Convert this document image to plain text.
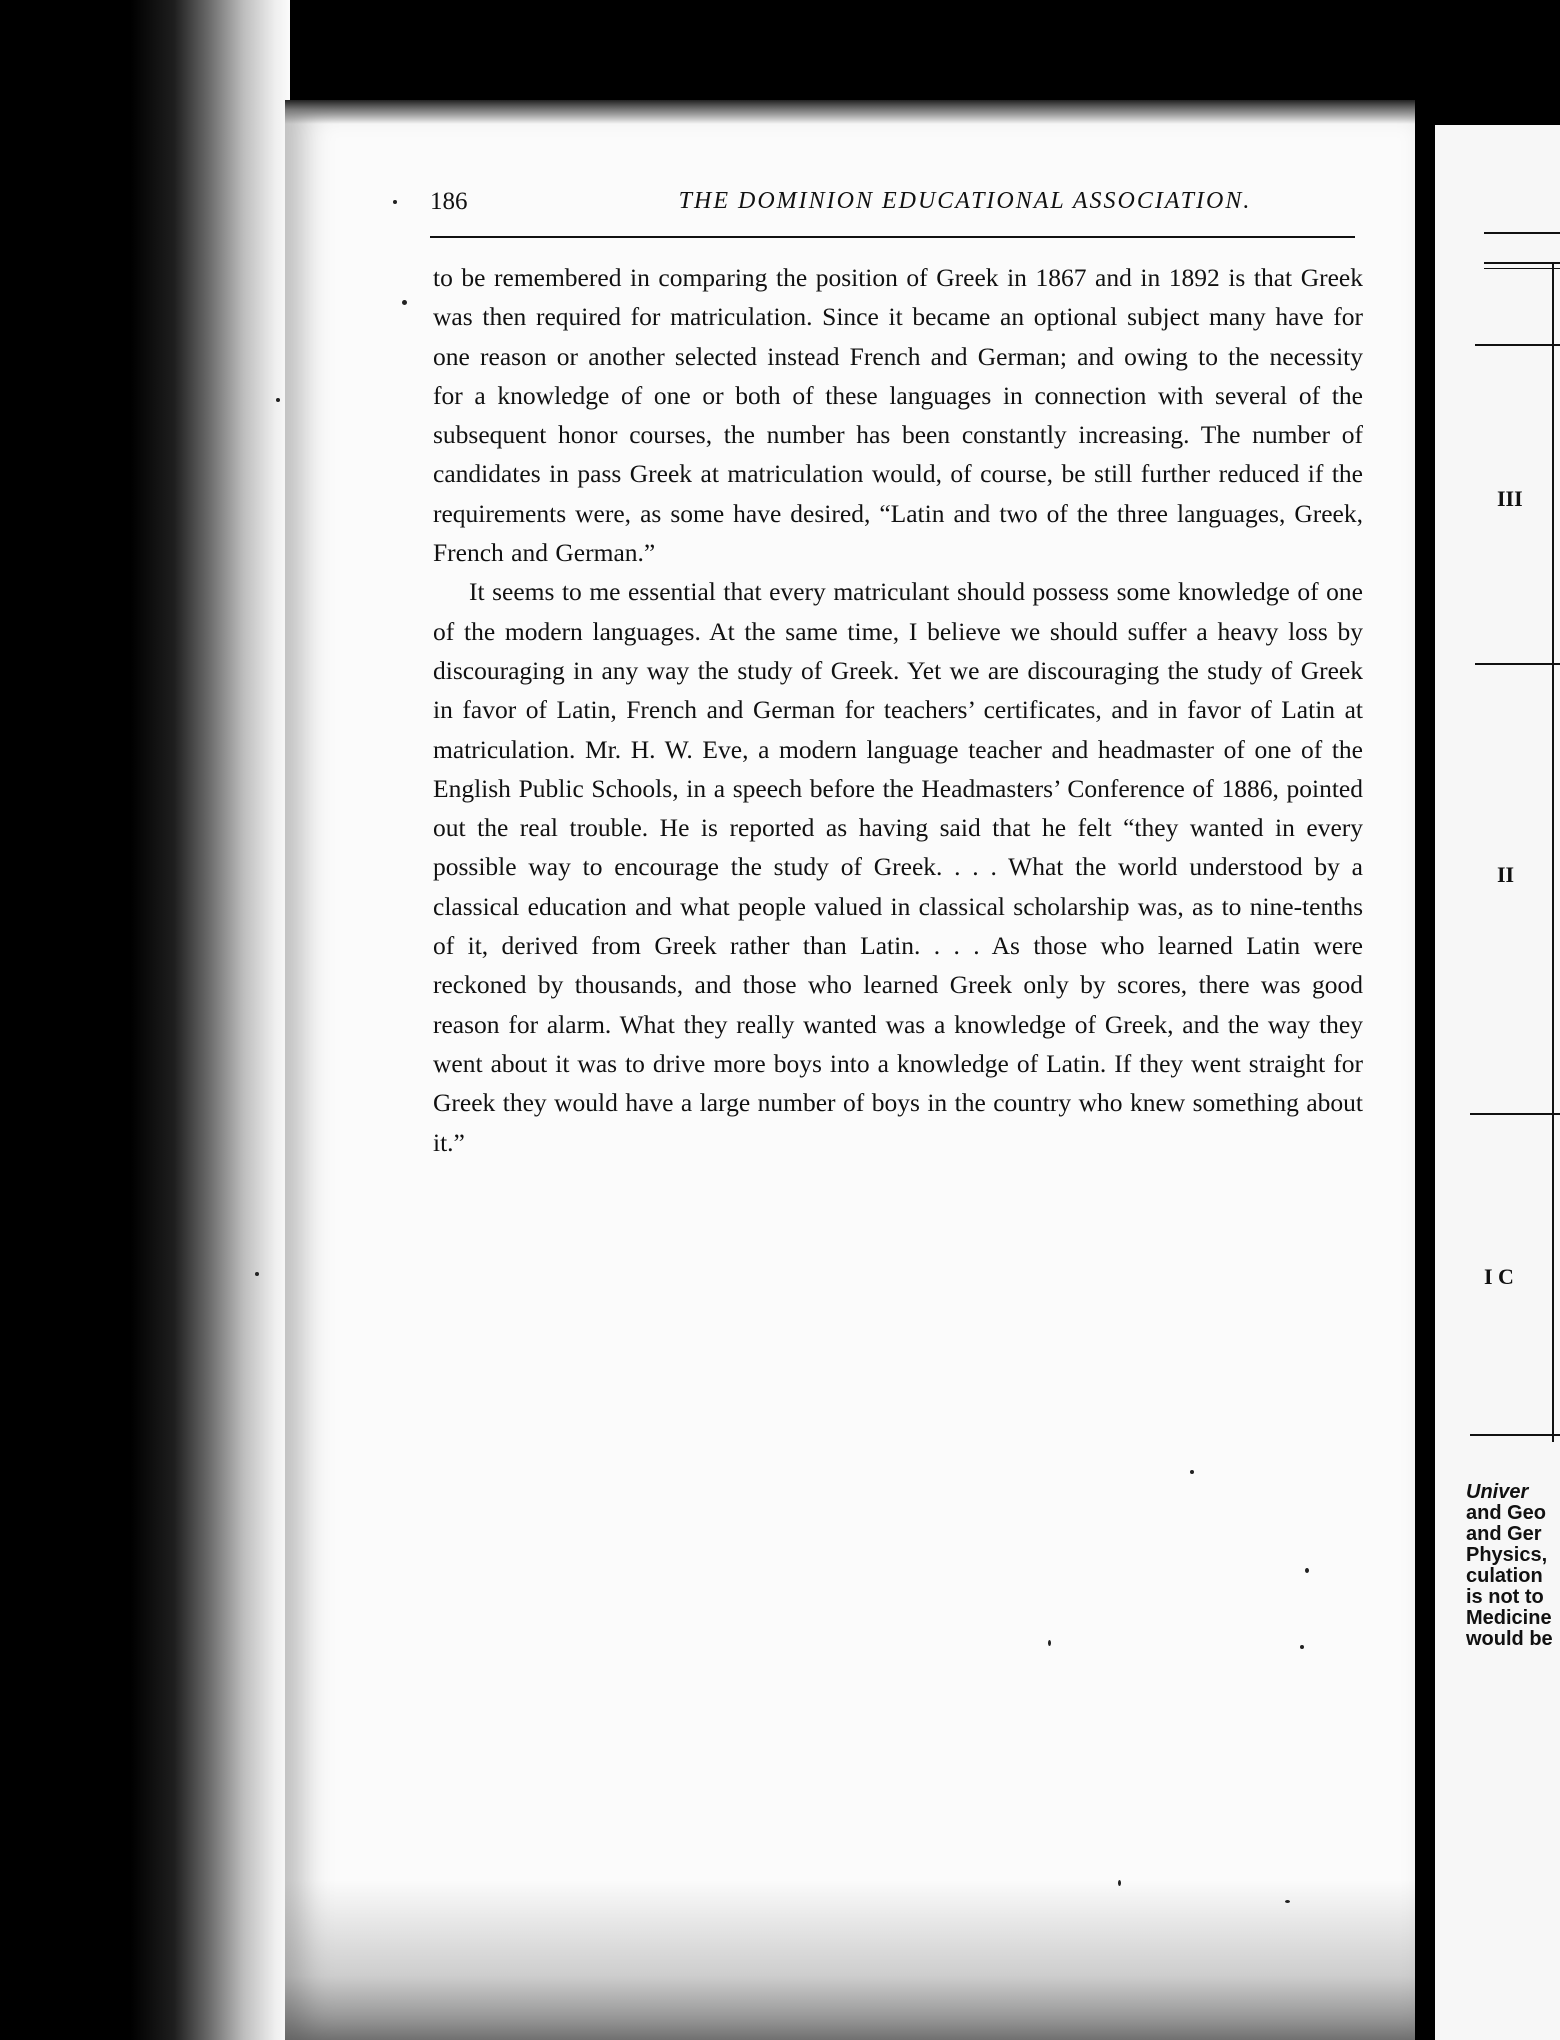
186	THE DOMINION EDUCATIONAL ASSOCIATION.

to be remembered in comparing the position of Greek in 1867 and in 1892 is that Greek was then required for matriculation. Since it became an optional subject many have for one reason or another selected instead French and German; and owing to the necessity for a knowledge of one or both of these languages in connection with several of the subsequent honor courses, the number has been constantly increasing. The number of candidates in pass Greek at matriculation would, of course, be still further reduced if the requirements were, as some have desired, “Latin and two of the three languages, Greek, French and German.”

It seems to me essential that every matriculant should possess some knowledge of one of the modern languages. At the same time, I believe we should suffer a heavy loss by discouraging in any way the study of Greek. Yet we are discouraging the study of Greek in favor of Latin, French and German for teachers’ certificates, and in favor of Latin at matriculation. Mr. H. W. Eve, a modern language teacher and headmaster of one of the English Public Schools, in a speech before the Headmasters’ Conference of 1886, pointed out the real trouble. He is reported as having said that he felt “they wanted in every possible way to encourage the study of Greek. . . . What the world understood by a classical education and what people valued in classical scholarship was, as to nine-tenths of it, derived from Greek rather than Latin. . . . As those who learned Latin were reckoned by thousands, and those who learned Greek only by scores, there was good reason for alarm. What they really wanted was a knowledge of Greek, and the way they went about it was to drive more boys into a knowledge of Latin. If they went straight for Greek they would have a large number of boys in the country who knew something about it.”

III
II
I C
Univer
and Geo
and Ger
Physics,
culation
is not to
Medicine
would be
